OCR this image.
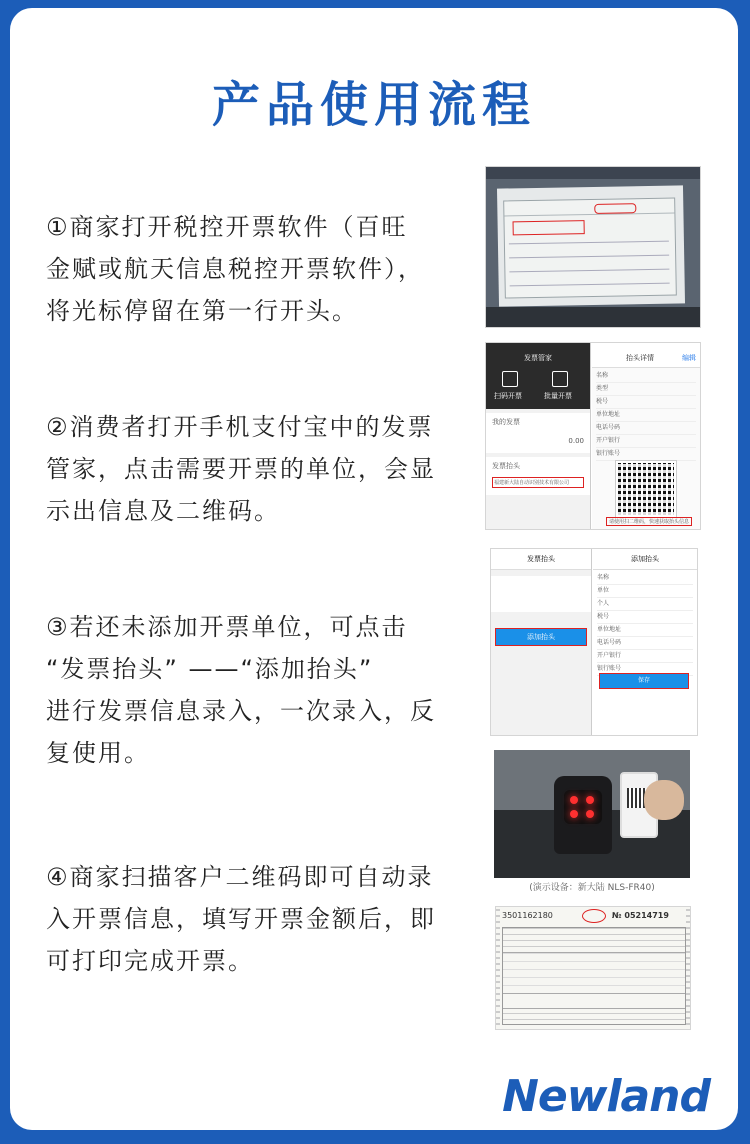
产品使用流程

①商家打开税控开票软件（百旺

金赋或航天信息税控开票软件），

将光标停留在第一行开头。

②消费者打开手机支付宝中的发票

管家，点击需要开票的单位，会显

示出信息及二维码。

发票管家
扫码开票	批量开票
我的发票
0.00
发票抬头
福建新大陆自动识别技术有限公司
抬头详情	编辑
名称
类型
税号
单位地址
电话号码
开户银行
银行账号
请使用扫二维码，快速获取抬头信息

③若还未添加开票单位，可点击

“发票抬头” ——“添加抬头”

进行发票信息录入，一次录入，反

复使用。

发票抬头
添加抬头
添加抬头
名称
单位
个人
税号
单位地址
电话号码
开户银行
银行账号
保存

④商家扫描客户二维码即可自动录

入开票信息，填写开票金额后，即

可打印完成开票。

(演示设备：新大陆 NLS-FR40)
3501162180	№ 05214719
Newland
